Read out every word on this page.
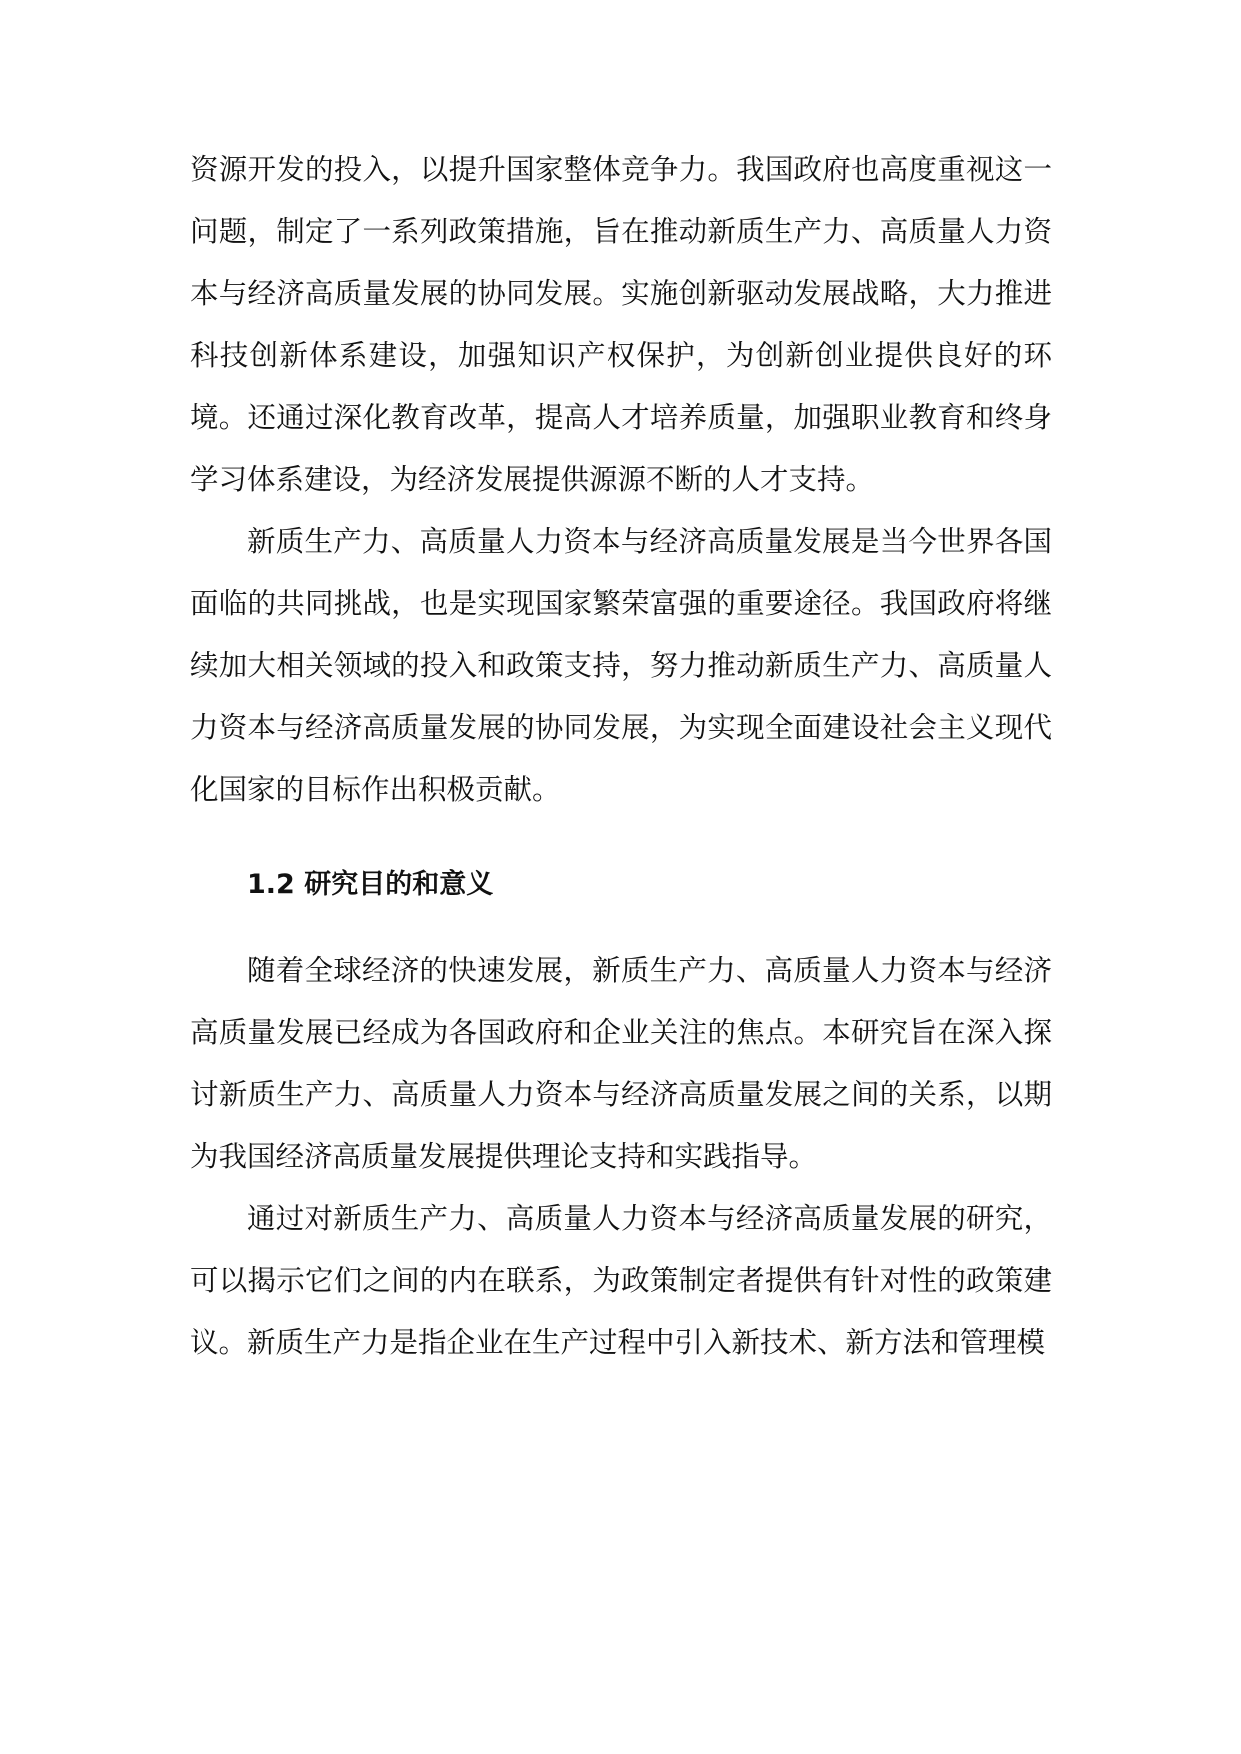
资源开发的投入，以提升国家整体竞争力。我国政府也高度重视这一问题，制定了一系列政策措施，旨在推动新质生产力、高质量人力资本与经济高质量发展的协同发展。实施创新驱动发展战略，大力推进科技创新体系建设，加强知识产权保护，为创新创业提供良好的环境。还通过深化教育改革，提高人才培养质量，加强职业教育和终身学习体系建设，为经济发展提供源源不断的人才支持。

新质生产力、高质量人力资本与经济高质量发展是当今世界各国面临的共同挑战，也是实现国家繁荣富强的重要途径。我国政府将继续加大相关领域的投入和政策支持，努力推动新质生产力、高质量人力资本与经济高质量发展的协同发展，为实现全面建设社会主义现代化国家的目标作出积极贡献。

1.2 研究目的和意义

随着全球经济的快速发展，新质生产力、高质量人力资本与经济高质量发展已经成为各国政府和企业关注的焦点。本研究旨在深入探讨新质生产力、高质量人力资本与经济高质量发展之间的关系，以期为我国经济高质量发展提供理论支持和实践指导。

通过对新质生产力、高质量人力资本与经济高质量发展的研究，可以揭示它们之间的内在联系，为政策制定者提供有针对性的政策建议。新质生产力是指企业在生产过程中引入新技术、新方法和管理模
